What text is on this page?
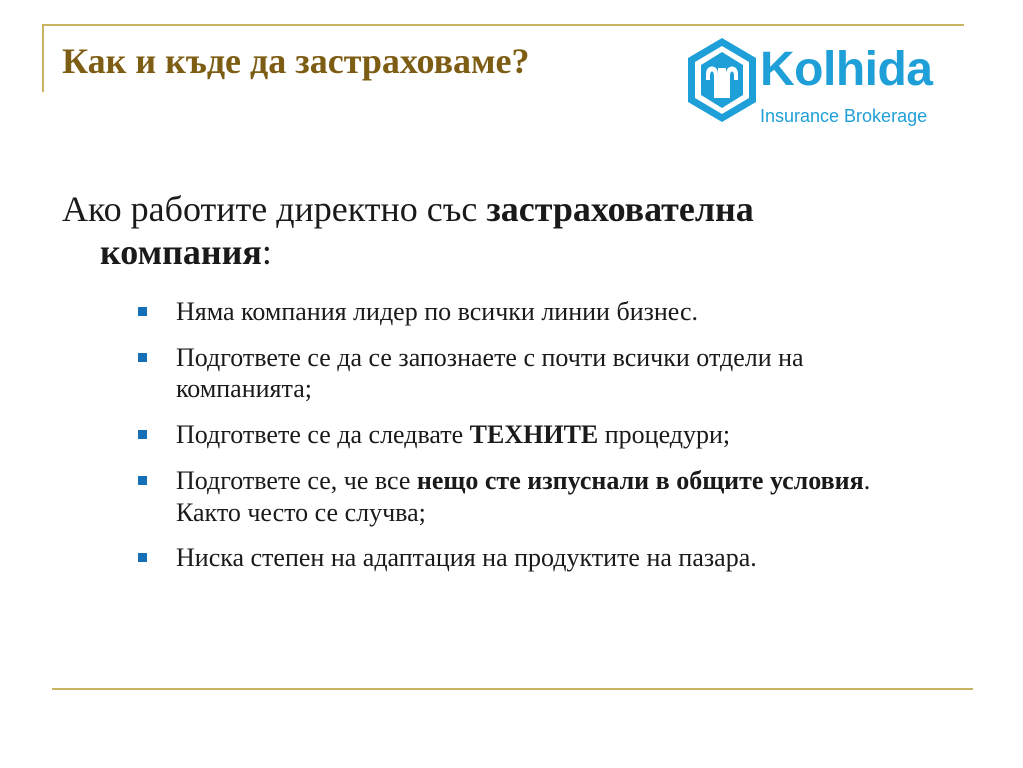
Как и къде да застраховаме?	Kolhida
Insurance Brokerage
Ако работите директно със застрахователна
компания:
Няма компания лидер по всички линии бизнес.
Подгответе се да се запознаете с почти всички отдели на компанията;
Подгответе се да следвате ТЕХНИТЕ процедури;
Подгответе се, че все нещо сте изпуснали в общите условия. Както често се случва;
Ниска степен на адаптация на продуктите на пазара.
